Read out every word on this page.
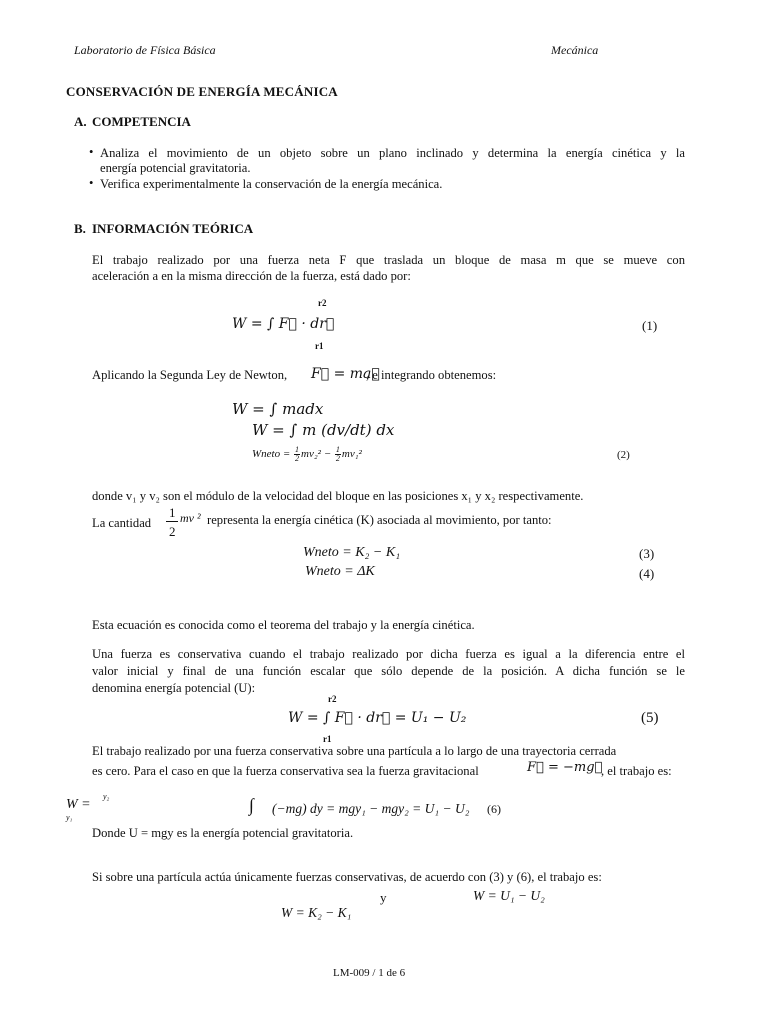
Laboratorio de Física Básica	Mecánica
CONSERVACIÓN DE ENERGÍA MECÁNICA
A. COMPETENCIA
• Analiza el movimiento de un objeto sobre un plano inclinado y determina la energía cinética y la
energía potencial gravitatoria.
• Verifica experimentalmente la conservación de la energía mecánica.
B. INFORMACIÓN TEÓRICA
El trabajo realizado por una fuerza neta F que traslada un bloque de masa m que se mueve con
aceleración a en la misma dirección de la fuerza, está dado por:
r2
W = ∫ F⃗ · dr⃗
r1
(1)
Aplicando la Segunda Ley de Newton, F⃗ = ma⃗
, e integrando obtenemos:
W = ∫ madx
W = ∫ m (dv/dt) dx
Wneto = $\frac{1}{2} mv_2^2 - \frac{1}{2} mv_1^2$	(2)
donde v₁ y v₂ son el módulo de la velocidad del bloque en las posiciones x₁ y x₂ respectivamente.
La cantidad
1
2
mv ² representa la energía cinética (K) asociada al movimiento, por tanto:
Wneto = K₂ − K₁	(3)
Wneto = ΔK	(4)
Esta ecuación es conocida como el teorema del trabajo y la energía cinética.
Una fuerza es conservativa cuando el trabajo realizado por dicha fuerza es igual a la diferencia entre el
valor inicial y final de una función escalar que sólo depende de la posición. A dicha función se le
denomina energía potencial (U):
r2
W = ∫ F⃗ · dr⃗ = U₁ − U₂
r1
(5)
El trabajo realizado por una fuerza conservativa sobre una partícula a lo largo de una trayectoria cerrada
es cero. Para el caso en que la fuerza conservativa sea la fuerza gravitacional	F⃗ = −mg⃗
, el trabajo es:
W =
y₂
y₁
∫ (−mg) dy = mgy₁ − mgy₂ = U₁ − U₂ (6)
Donde U = mgy es la energía potencial gravitatoria.
Si sobre una partícula actúa únicamente fuerzas conservativas, de acuerdo con (3) y (6), el trabajo es:
y	W = U₁ − U₂
W = K₂ − K₁
LM-009 / 1 de 6
